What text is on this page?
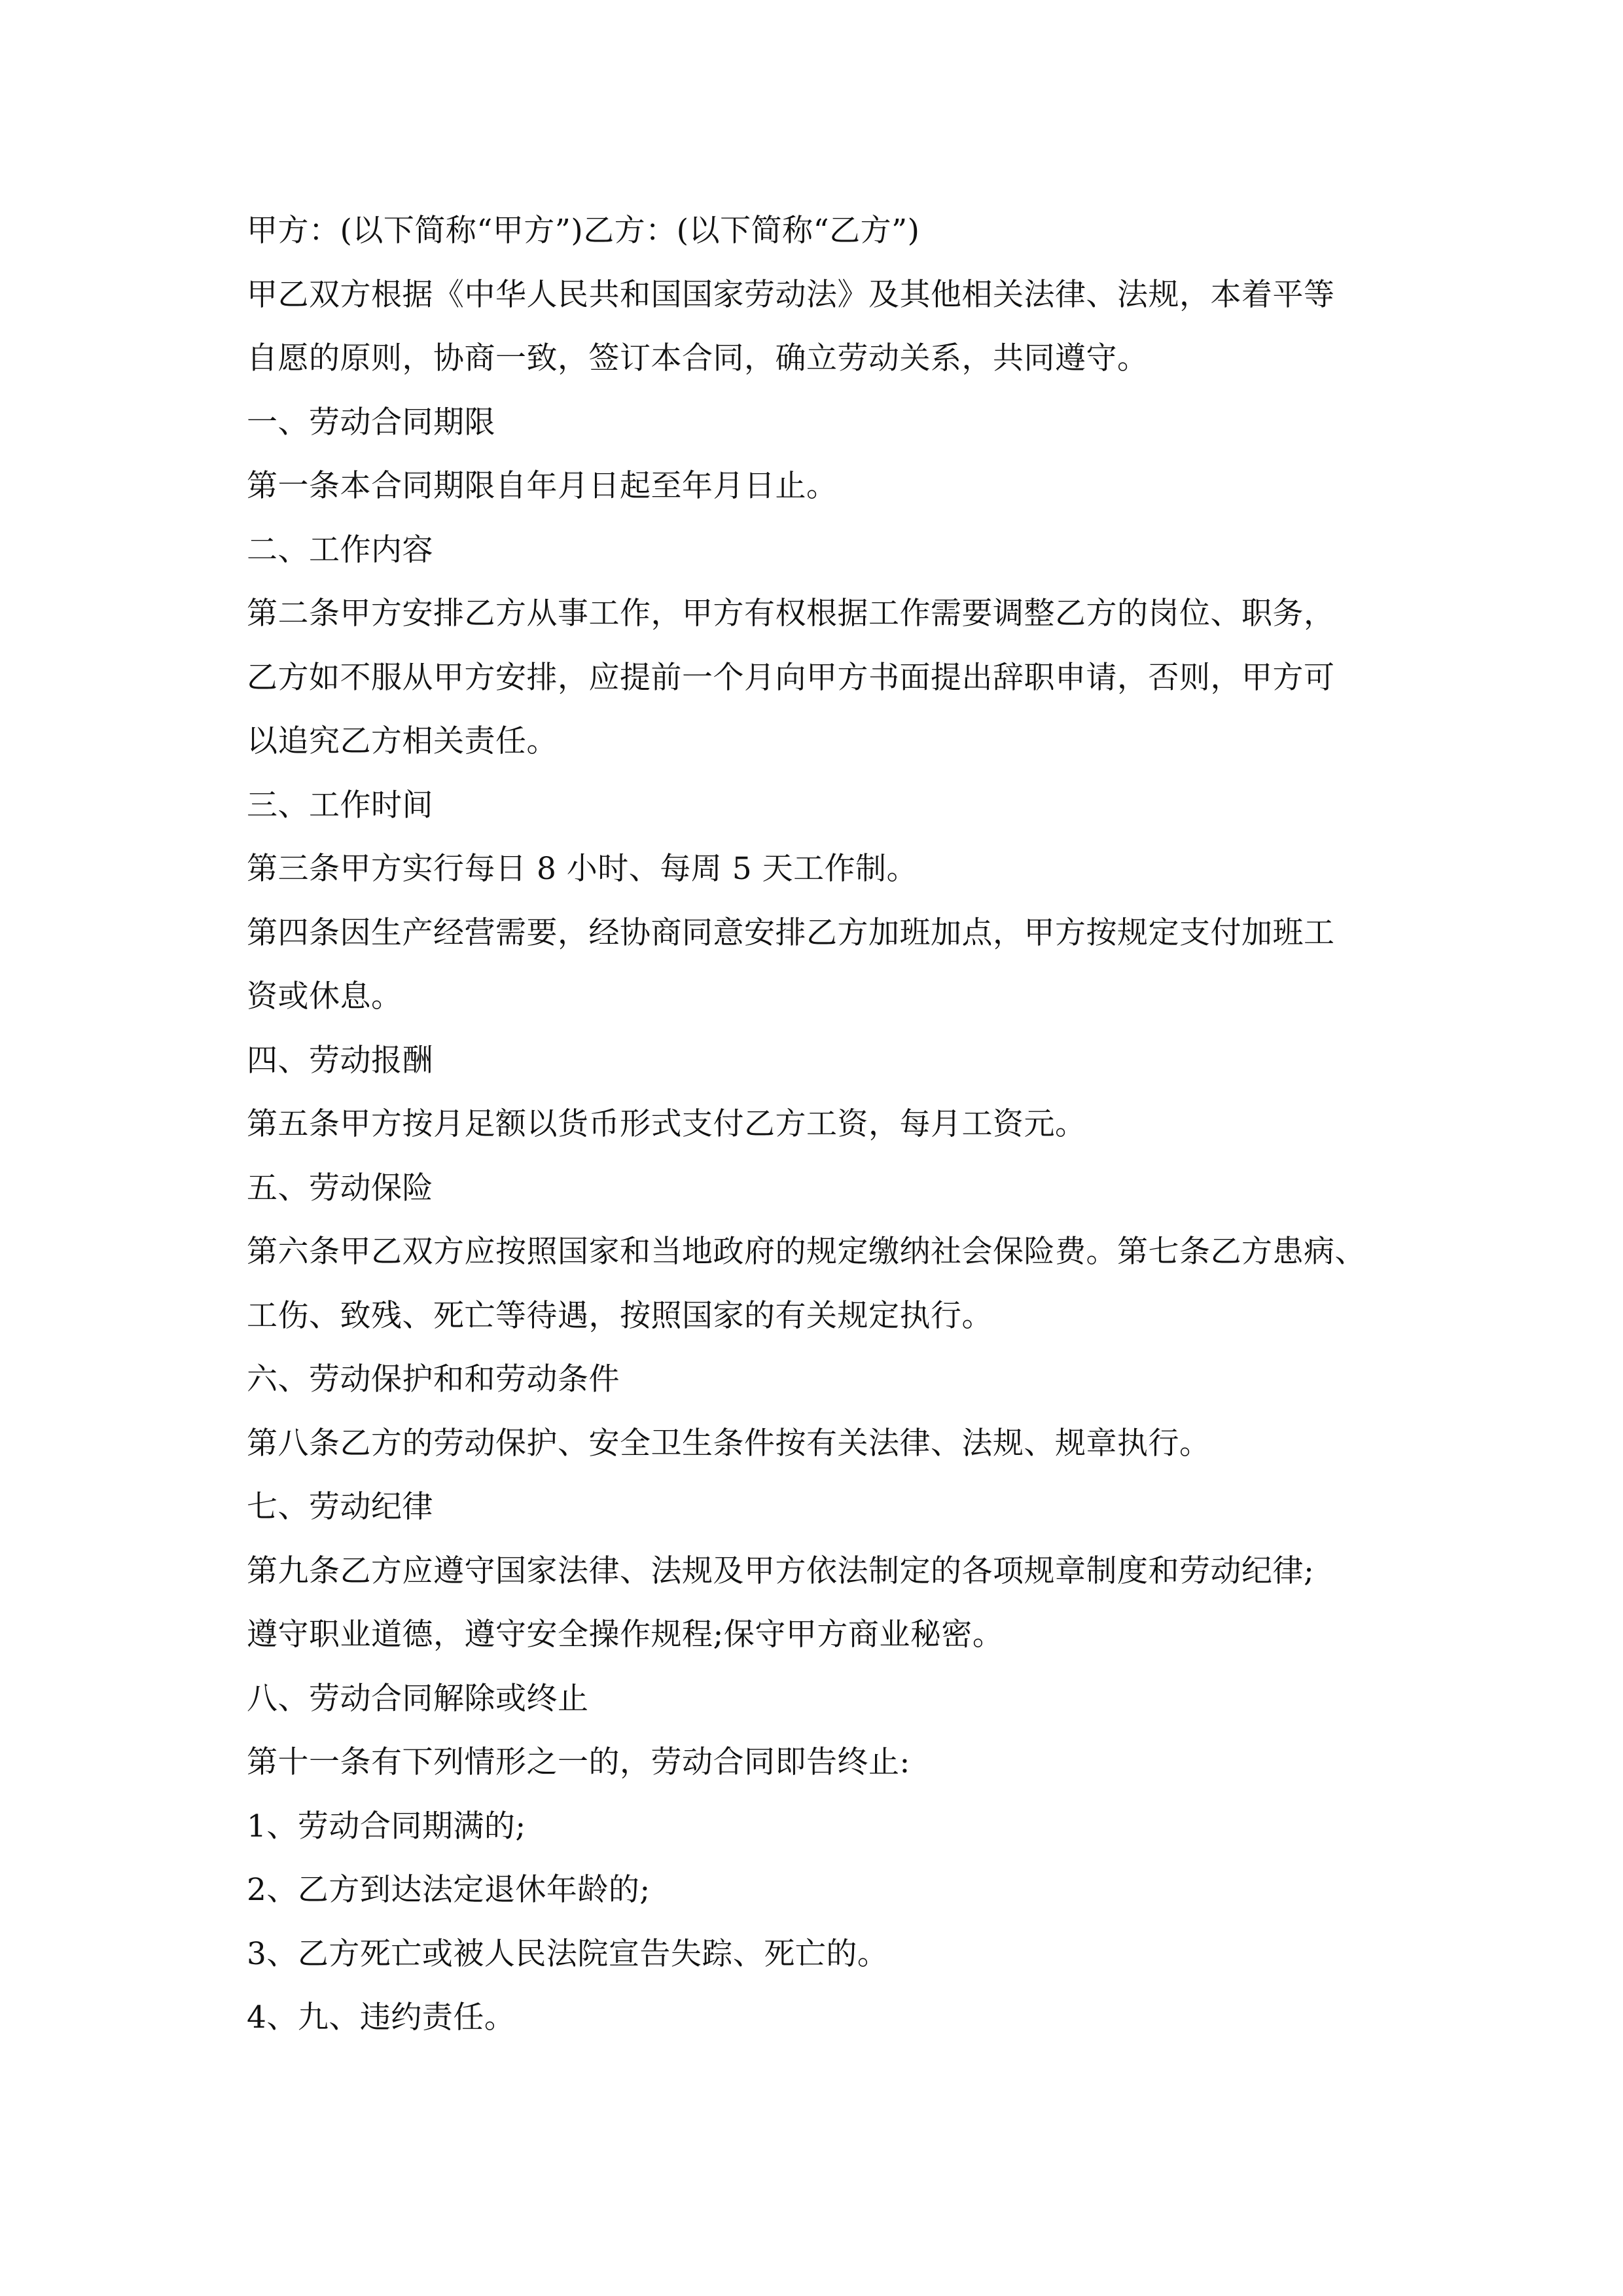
甲方：(以下简称“甲方”)乙方：(以下简称“乙方”)
甲乙双方根据《中华人民共和国国家劳动法》及其他相关法律、法规，本着平等
自愿的原则，协商一致，签订本合同，确立劳动关系，共同遵守。
一、劳动合同期限
第一条本合同期限自年月日起至年月日止。
二、工作内容
第二条甲方安排乙方从事工作，甲方有权根据工作需要调整乙方的岗位、职务，
乙方如不服从甲方安排，应提前一个月向甲方书面提出辞职申请，否则，甲方可
以追究乙方相关责任。
三、工作时间
第三条甲方实行每日 8 小时、每周 5 天工作制。
第四条因生产经营需要，经协商同意安排乙方加班加点，甲方按规定支付加班工
资或休息。
四、劳动报酬
第五条甲方按月足额以货币形式支付乙方工资，每月工资元。
五、劳动保险
第六条甲乙双方应按照国家和当地政府的规定缴纳社会保险费。第七条乙方患病、
工伤、致残、死亡等待遇，按照国家的有关规定执行。
六、劳动保护和和劳动条件
第八条乙方的劳动保护、安全卫生条件按有关法律、法规、规章执行。
七、劳动纪律
第九条乙方应遵守国家法律、法规及甲方依法制定的各项规章制度和劳动纪律;
遵守职业道德，遵守安全操作规程;保守甲方商业秘密。
八、劳动合同解除或终止
第十一条有下列情形之一的，劳动合同即告终止:
1、劳动合同期满的;
2、乙方到达法定退休年龄的;
3、乙方死亡或被人民法院宣告失踪、死亡的。
4、九、违约责任。
